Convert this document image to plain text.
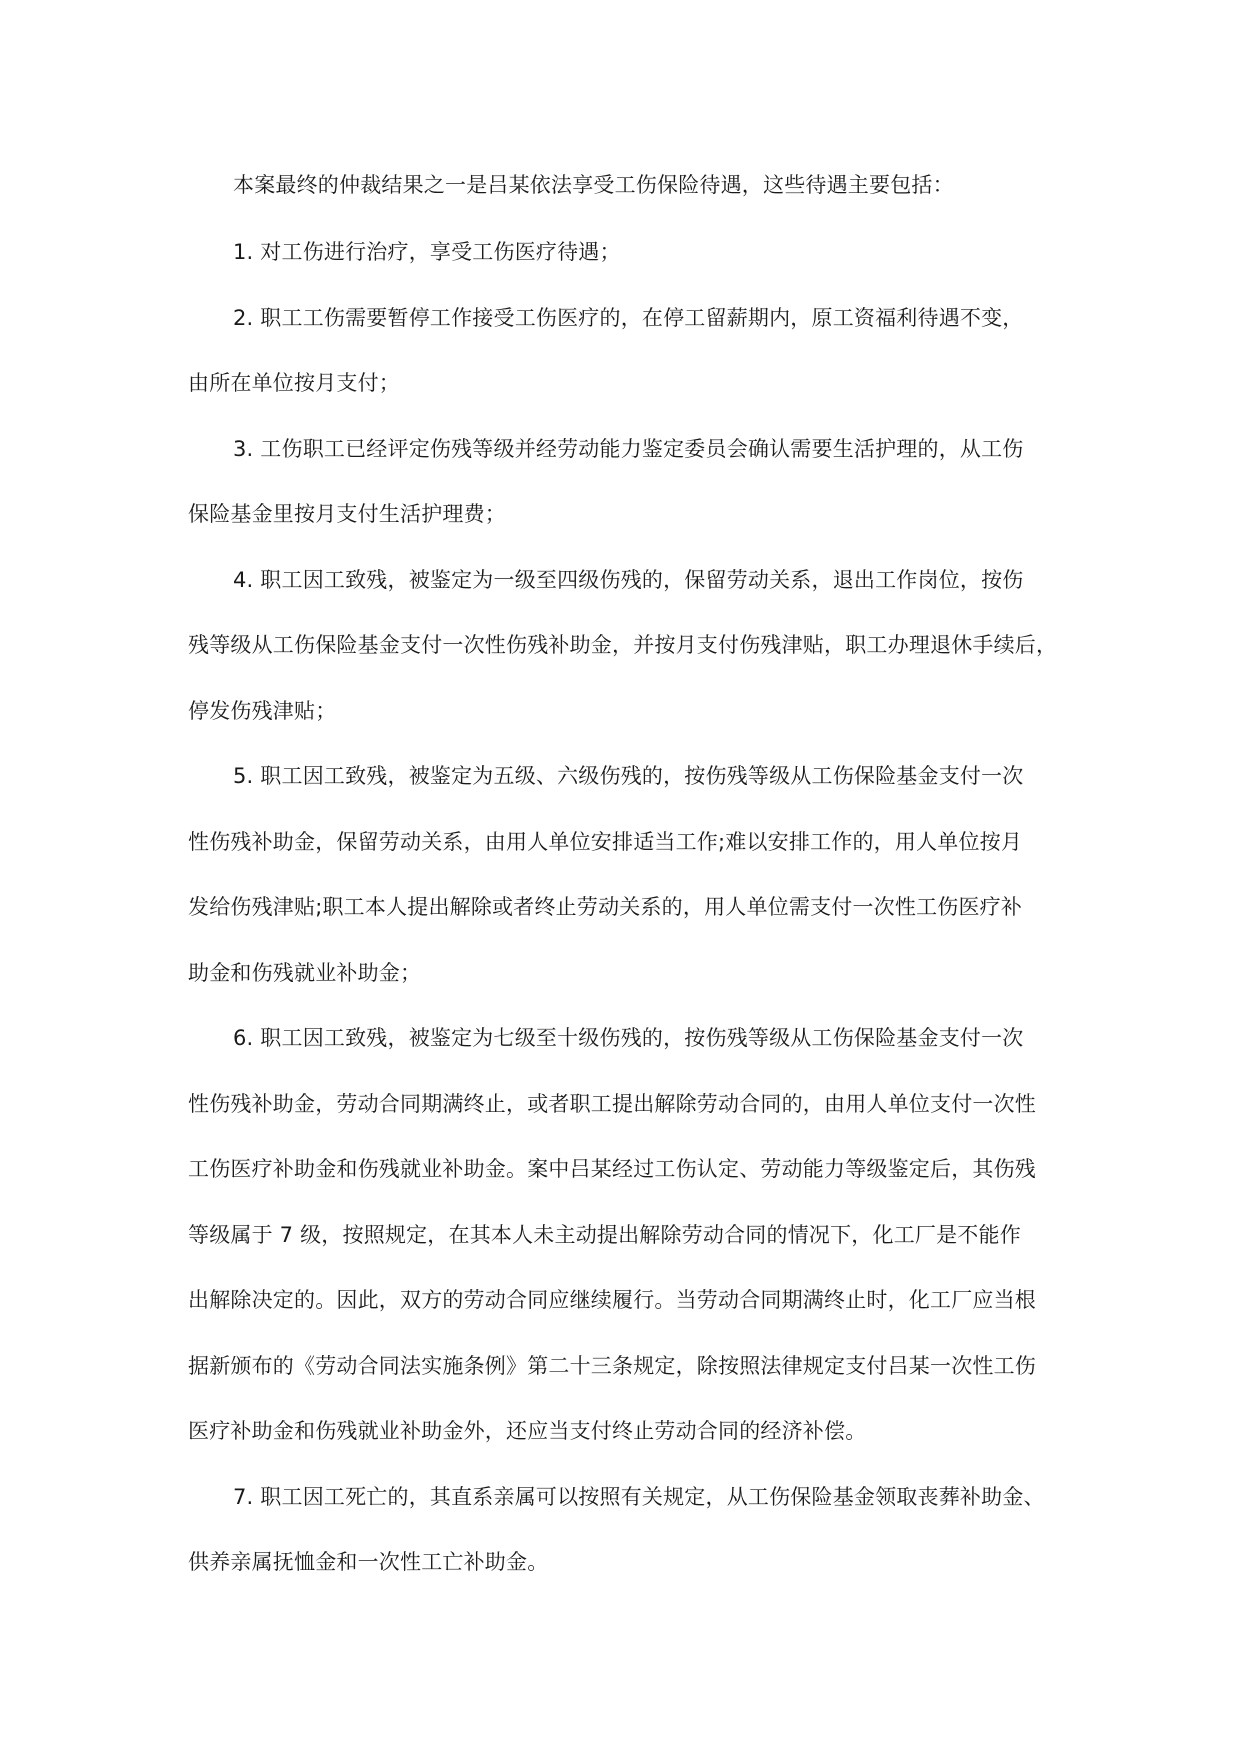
本案最终的仲裁结果之一是吕某依法享受工伤保险待遇，这些待遇主要包括：

1. 对工伤进行治疗，享受工伤医疗待遇；

2. 职工工伤需要暂停工作接受工伤医疗的，在停工留薪期内，原工资福利待遇不变，

由所在单位按月支付；

3. 工伤职工已经评定伤残等级并经劳动能力鉴定委员会确认需要生活护理的，从工伤

保险基金里按月支付生活护理费；

4. 职工因工致残，被鉴定为一级至四级伤残的，保留劳动关系，退出工作岗位，按伤

残等级从工伤保险基金支付一次性伤残补助金，并按月支付伤残津贴，职工办理退休手续后，

停发伤残津贴；

5. 职工因工致残，被鉴定为五级、六级伤残的，按伤残等级从工伤保险基金支付一次

性伤残补助金，保留劳动关系，由用人单位安排适当工作;难以安排工作的，用人单位按月

发给伤残津贴;职工本人提出解除或者终止劳动关系的，用人单位需支付一次性工伤医疗补

助金和伤残就业补助金；

6. 职工因工致残，被鉴定为七级至十级伤残的，按伤残等级从工伤保险基金支付一次

性伤残补助金，劳动合同期满终止，或者职工提出解除劳动合同的，由用人单位支付一次性

工伤医疗补助金和伤残就业补助金。案中吕某经过工伤认定、劳动能力等级鉴定后，其伤残

等级属于 7 级，按照规定，在其本人未主动提出解除劳动合同的情况下，化工厂是不能作

出解除决定的。因此，双方的劳动合同应继续履行。当劳动合同期满终止时，化工厂应当根

据新颁布的《劳动合同法实施条例》第二十三条规定，除按照法律规定支付吕某一次性工伤

医疗补助金和伤残就业补助金外，还应当支付终止劳动合同的经济补偿。

7. 职工因工死亡的，其直系亲属可以按照有关规定，从工伤保险基金领取丧葬补助金、

供养亲属抚恤金和一次性工亡补助金。
